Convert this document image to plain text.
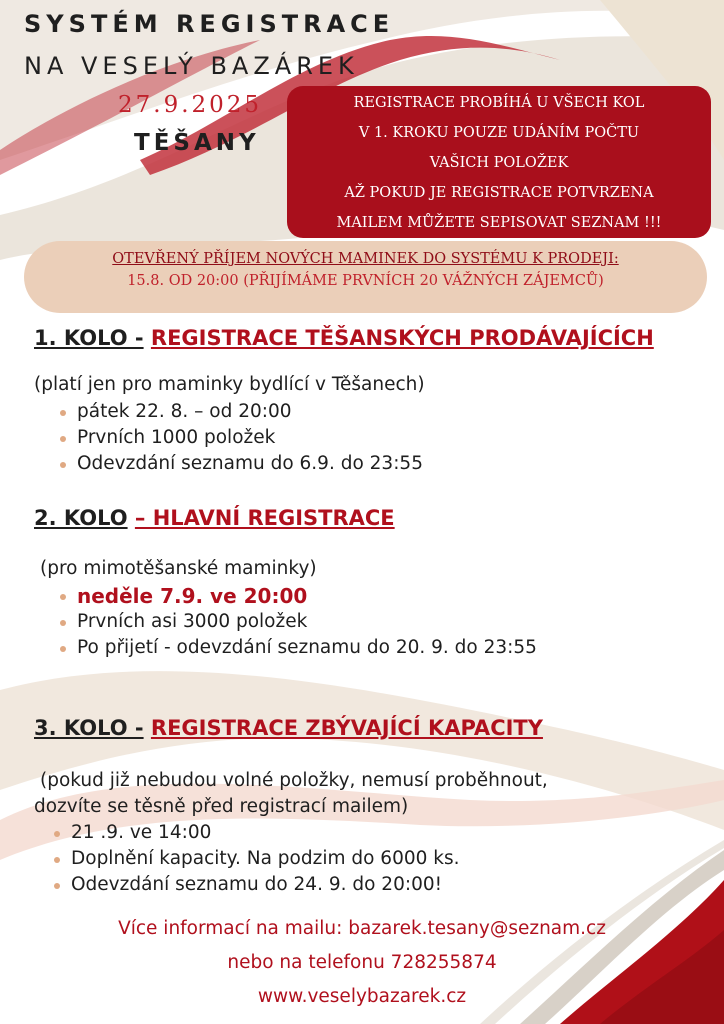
SYSTÉM REGISTRACE
NA VESELÝ BAZÁREK
27.9.2025
TĚŠANY
REGISTRACE PROBÍHÁ U VŠECH KOL
V 1. KROKU POUZE UDÁNÍM POČTU
VAŠICH POLOŽEK
AŽ POKUD JE REGISTRACE POTVRZENA
MAILEM MŮŽETE SEPISOVAT SEZNAM !!!
OTEVŘENÝ PŘÍJEM NOVÝCH MAMINEK DO SYSTÉMU K PRODEJI:
15.8. OD 20:00 (PŘIJÍMÁME PRVNÍCH 20 VÁŽNÝCH ZÁJEMCŮ)
1. KOLO - REGISTRACE TĚŠANSKÝCH PRODÁVAJÍCÍCH
(platí jen pro maminky bydlící v Těšanech)
pátek 22. 8. – od 20:00
Prvních 1000 položek
Odevzdání seznamu do 6.9. do 23:55
2. KOLO – HLAVNÍ REGISTRACE
(pro mimotěšanské maminky)
neděle 7.9. ve 20:00
Prvních asi 3000 položek
Po přijetí - odevzdání seznamu do 20. 9. do 23:55
3. KOLO - REGISTRACE ZBÝVAJÍCÍ KAPACITY
(pokud již nebudou volné položky, nemusí proběhnout,
dozvíte se těsně před registrací mailem)
21 .9. ve 14:00
Doplnění kapacity. Na podzim do 6000 ks.
Odevzdání seznamu do 24. 9. do 20:00!
Více informací na mailu: bazarek.tesany@seznam.cz
nebo na telefonu 728255874
www.veselybazarek.cz
